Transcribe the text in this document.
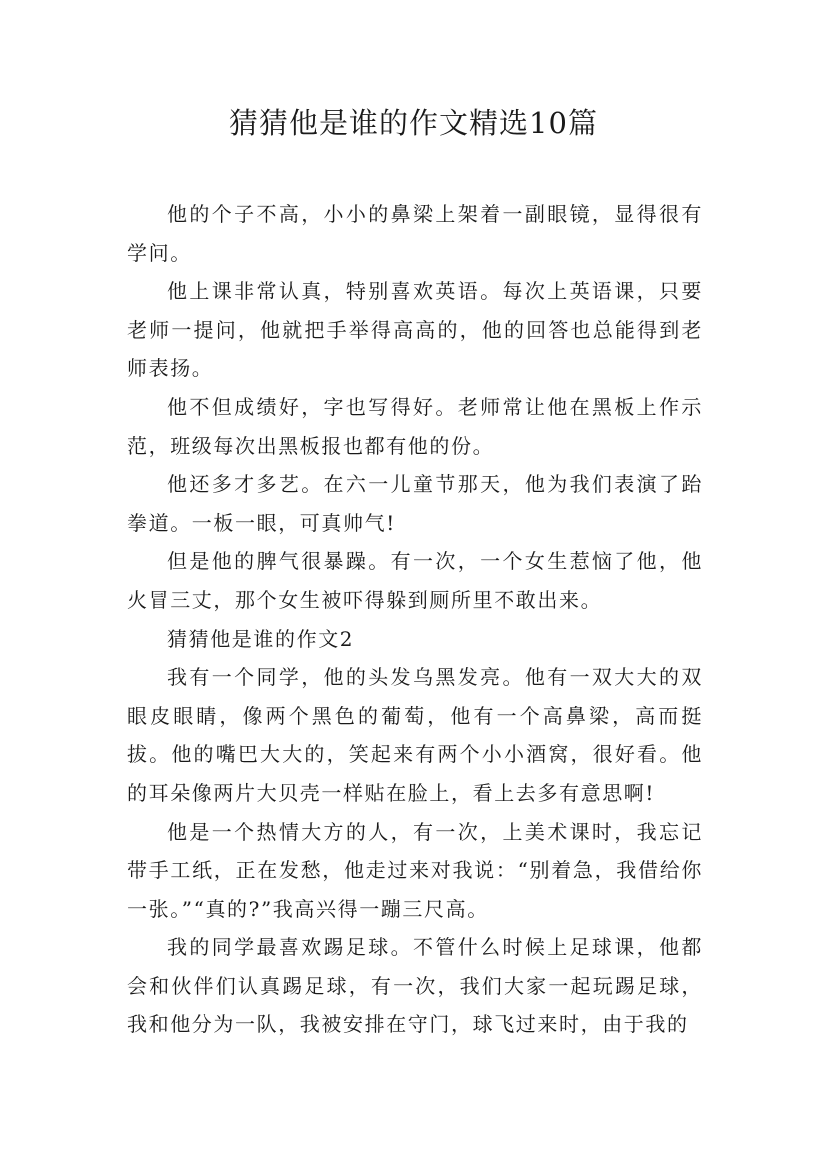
猜猜他是谁的作文精选10篇

他的个子不高，小小的鼻梁上架着一副眼镜，显得很有学问。

他上课非常认真，特别喜欢英语。每次上英语课，只要老师一提问，他就把手举得高高的，他的回答也总能得到老师表扬。

他不但成绩好，字也写得好。老师常让他在黑板上作示范，班级每次出黑板报也都有他的份。

他还多才多艺。在六一儿童节那天，他为我们表演了跆拳道。一板一眼，可真帅气!

但是他的脾气很暴躁。有一次，一个女生惹恼了他，他火冒三丈，那个女生被吓得躲到厕所里不敢出来。

猜猜他是谁的作文2

我有一个同学，他的头发乌黑发亮。他有一双大大的双眼皮眼睛，像两个黑色的葡萄，他有一个高鼻梁，高而挺拔。他的嘴巴大大的，笑起来有两个小小酒窝，很好看。他的耳朵像两片大贝壳一样贴在脸上，看上去多有意思啊!

他是一个热情大方的人，有一次，上美术课时，我忘记带手工纸，正在发愁，他走过来对我说：“别着急，我借给你一张。”“真的?”我高兴得一蹦三尺高。

我的同学最喜欢踢足球。不管什么时候上足球课，他都会和伙伴们认真踢足球，有一次，我们大家一起玩踢足球，我和他分为一队，我被安排在守门，球飞过来时，由于我的
